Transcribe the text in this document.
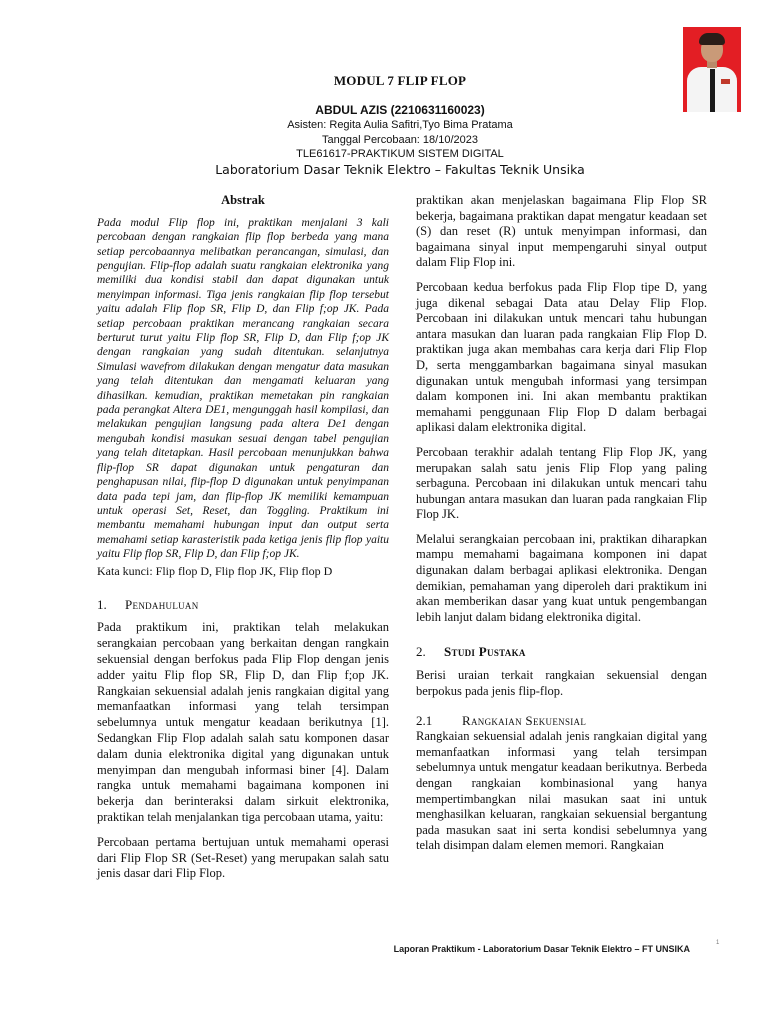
MODUL 7 FLIP FLOP
ABDUL AZIS (2210631160023)
Asisten: Regita Aulia Safitri,Tyo Bima Pratama
Tanggal Percobaan: 18/10/2023
TLE61617-PRAKTIKUM SISTEM DIGITAL
Laboratorium Dasar Teknik Elektro – Fakultas Teknik Unsika
Abstrak
Pada modul Flip flop ini, praktikan menjalani 3 kali percobaan dengan rangkaian flip flop berbeda yang mana setiap percobaannya melibatkan perancangan, simulasi, dan pengujian. Flip-flop adalah suatu rangkaian elektronika yang memiliki dua kondisi stabil dan dapat digunakan untuk menyimpan informasi. Tiga jenis rangkaian flip flop tersebut yaitu adalah Flip flop SR, Flip D, dan Flip f;op JK. Pada setiap percobaan praktikan merancang rangkaian secara berturut turut yaitu Flip flop SR, Flip D, dan Flip f;op JK dengan rangkaian yang sudah ditentukan. selanjutnya Simulasi wavefrom dilakukan dengan mengatur data masukan yang telah ditentukan dan mengamati keluaran yang dihasilkan. kemudian, praktikan memetakan pin rangkaian pada perangkat Altera DE1, mengunggah hasil kompilasi, dan melakukan pengujian langsung pada altera De1 dengan mengubah kondisi masukan sesuai dengan tabel pengujian yang telah ditetapkan. Hasil percobaan menunjukkan bahwa flip-flop SR dapat digunakan untuk pengaturan dan penghapusan nilai, flip-flop D digunakan untuk penyimpanan data pada tepi jam, dan flip-flop JK memiliki kemampuan untuk operasi Set, Reset, dan Toggling. Praktikum ini membantu memahami hubungan input dan output serta memahami setiap karasteristik pada ketiga jenis flip flop yaitu yaitu Flip flop SR, Flip D, dan Flip f;op JK.
Kata kunci: Flip flop D, Flip flop JK, Flip flop D
1.	Pendahuluan

Pada praktikum ini, praktikan telah melakukan serangkaian percobaan yang berkaitan dengan rangkain sekuensial dengan berfokus pada Flip Flop dengan jenis adder yaitu Flip flop SR, Flip D, dan Flip f;op JK. Rangkaian sekuensial adalah jenis rangkaian digital yang memanfaatkan informasi yang telah tersimpan sebelumnya untuk mengatur keadaan berikutnya [1]. Sedangkan Flip Flop adalah salah satu komponen dasar dalam dunia elektronika digital yang digunakan untuk menyimpan dan mengubah informasi biner [4]. Dalam rangka untuk memahami bagaimana komponen ini bekerja dan berinteraksi dalam sirkuit elektronika, praktikan telah menjalankan tiga percobaan utama, yaitu:

Percobaan pertama bertujuan untuk memahami operasi dari Flip Flop SR (Set-Reset) yang merupakan salah satu jenis dasar dari Flip Flop.

praktikan akan menjelaskan bagaimana Flip Flop SR bekerja, bagaimana praktikan dapat mengatur keadaan set (S) dan reset (R) untuk menyimpan informasi, dan bagaimana sinyal input mempengaruhi sinyal output dalam Flip Flop ini.

Percobaan kedua berfokus pada Flip Flop tipe D, yang juga dikenal sebagai Data atau Delay Flip Flop. Percobaan ini dilakukan untuk mencari tahu hubungan antara masukan dan luaran pada rangkaian Flip Flop D. praktikan juga akan membahas cara kerja dari Flip Flop D, serta menggambarkan bagaimana sinyal masukan digunakan untuk mengubah informasi yang tersimpan dalam komponen ini. Ini akan membantu praktikan memahami penggunaan Flip Flop D dalam berbagai aplikasi dalam elektronika digital.

Percobaan terakhir adalah tentang Flip Flop JK, yang merupakan salah satu jenis Flip Flop yang paling serbaguna. Percobaan ini dilakukan untuk mencari tahu hubungan antara masukan dan luaran pada rangkaian Flip Flop JK.

Melalui serangkaian percobaan ini, praktikan diharapkan mampu memahami bagaimana komponen ini dapat digunakan dalam berbagai aplikasi elektronika. Dengan demikian, pemahaman yang diperoleh dari praktikum ini akan memberikan dasar yang kuat untuk pengembangan lebih lanjut dalam bidang elektronika digital.

2.	Studi Pustaka

Berisi uraian terkait rangkaian sekuensial dengan berpokus pada jenis flip-flop.

2.1	Rangkaian Sekuensial

Rangkaian sekuensial adalah jenis rangkaian digital yang memanfaatkan informasi yang telah tersimpan sebelumnya untuk mengatur keadaan berikutnya. Berbeda dengan rangkaian kombinasional yang hanya mempertimbangkan nilai masukan saat ini untuk menghasilkan keluaran, rangkaian sekuensial bergantung pada masukan saat ini serta kondisi sebelumnya yang telah disimpan dalam elemen memori. Rangkaian

Laporan Praktikum - Laboratorium Dasar Teknik Elektro – FT UNSIKA
1
